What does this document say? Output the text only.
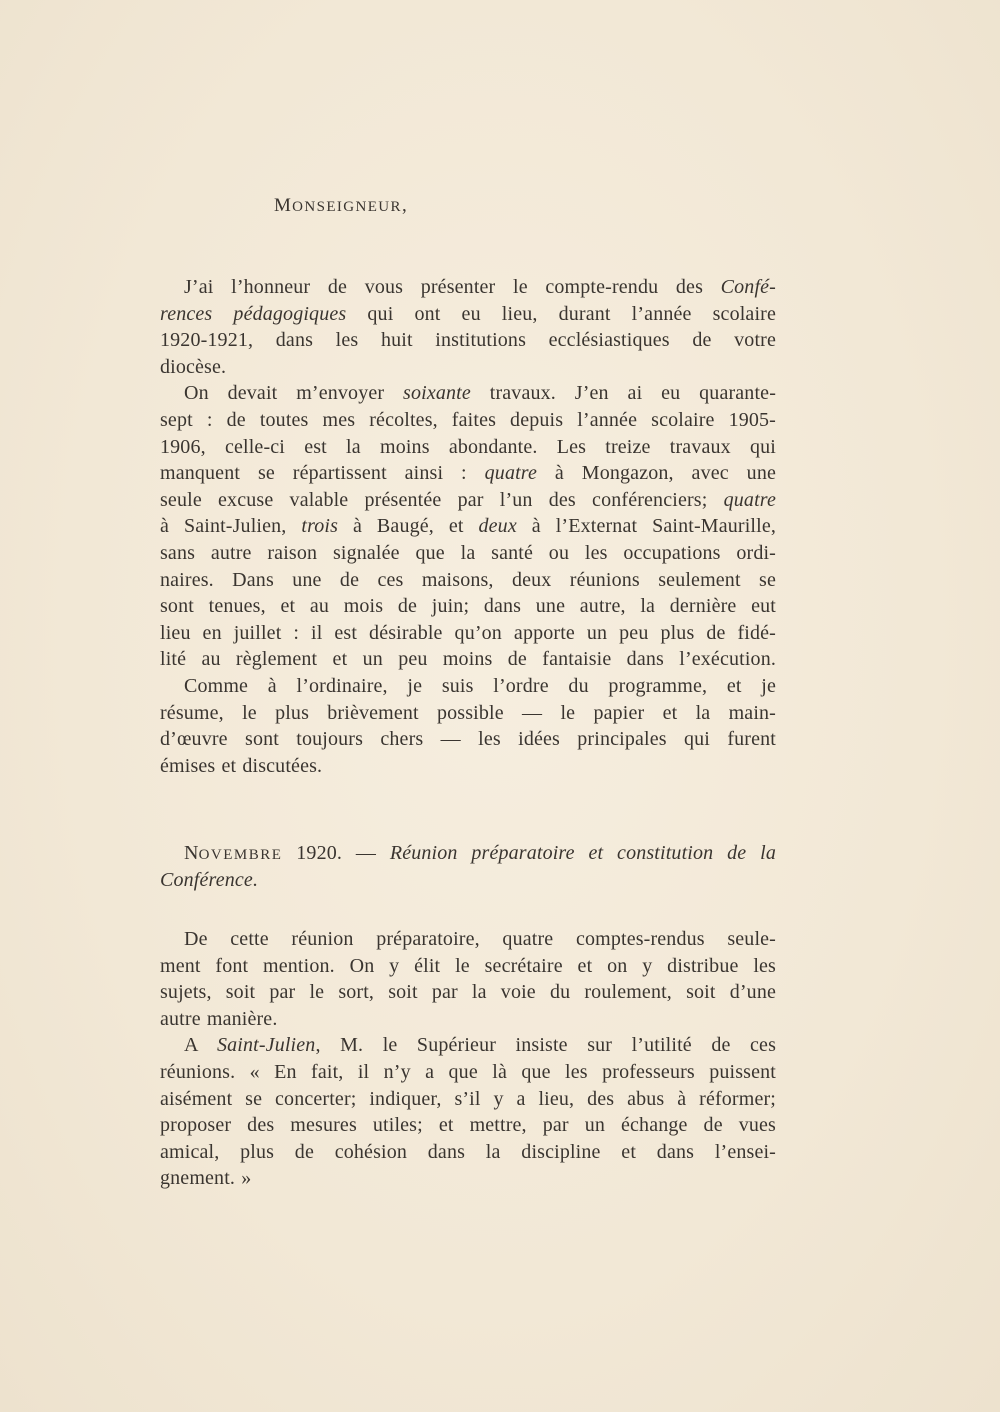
MONSEIGNEUR,
J’ai l’honneur de vous présenter le compte-rendu des Confé-
rences pédagogiques qui ont eu lieu, durant l’année scolaire
1920-1921, dans les huit institutions ecclésiastiques de votre
diocèse.
On devait m’envoyer soixante travaux. J’en ai eu quarante-
sept : de toutes mes récoltes, faites depuis l’année scolaire 1905-
1906, celle-ci est la moins abondante. Les treize travaux qui
manquent se répartissent ainsi : quatre à Mongazon, avec une
seule excuse valable présentée par l’un des conférenciers; quatre
à Saint-Julien, trois à Baugé, et deux à l’Externat Saint-Maurille,
sans autre raison signalée que la santé ou les occupations ordi-
naires. Dans une de ces maisons, deux réunions seulement se
sont tenues, et au mois de juin; dans une autre, la dernière eut
lieu en juillet : il est désirable qu’on apporte un peu plus de fidé-
lité au règlement et un peu moins de fantaisie dans l’exécution.
Comme à l’ordinaire, je suis l’ordre du programme, et je
résume, le plus brièvement possible — le papier et la main-
d’œuvre sont toujours chers — les idées principales qui furent
émises et discutées.
NOVEMBRE 1920. — Réunion préparatoire et constitution de la
Conférence.
De cette réunion préparatoire, quatre comptes-rendus seule-
ment font mention. On y élit le secrétaire et on y distribue les
sujets, soit par le sort, soit par la voie du roulement, soit d’une
autre manière.
A Saint-Julien, M. le Supérieur insiste sur l’utilité de ces
réunions. « En fait, il n’y a que là que les professeurs puissent
aisément se concerter; indiquer, s’il y a lieu, des abus à réformer;
proposer des mesures utiles; et mettre, par un échange de vues
amical, plus de cohésion dans la discipline et dans l’ensei-
gnement. »
